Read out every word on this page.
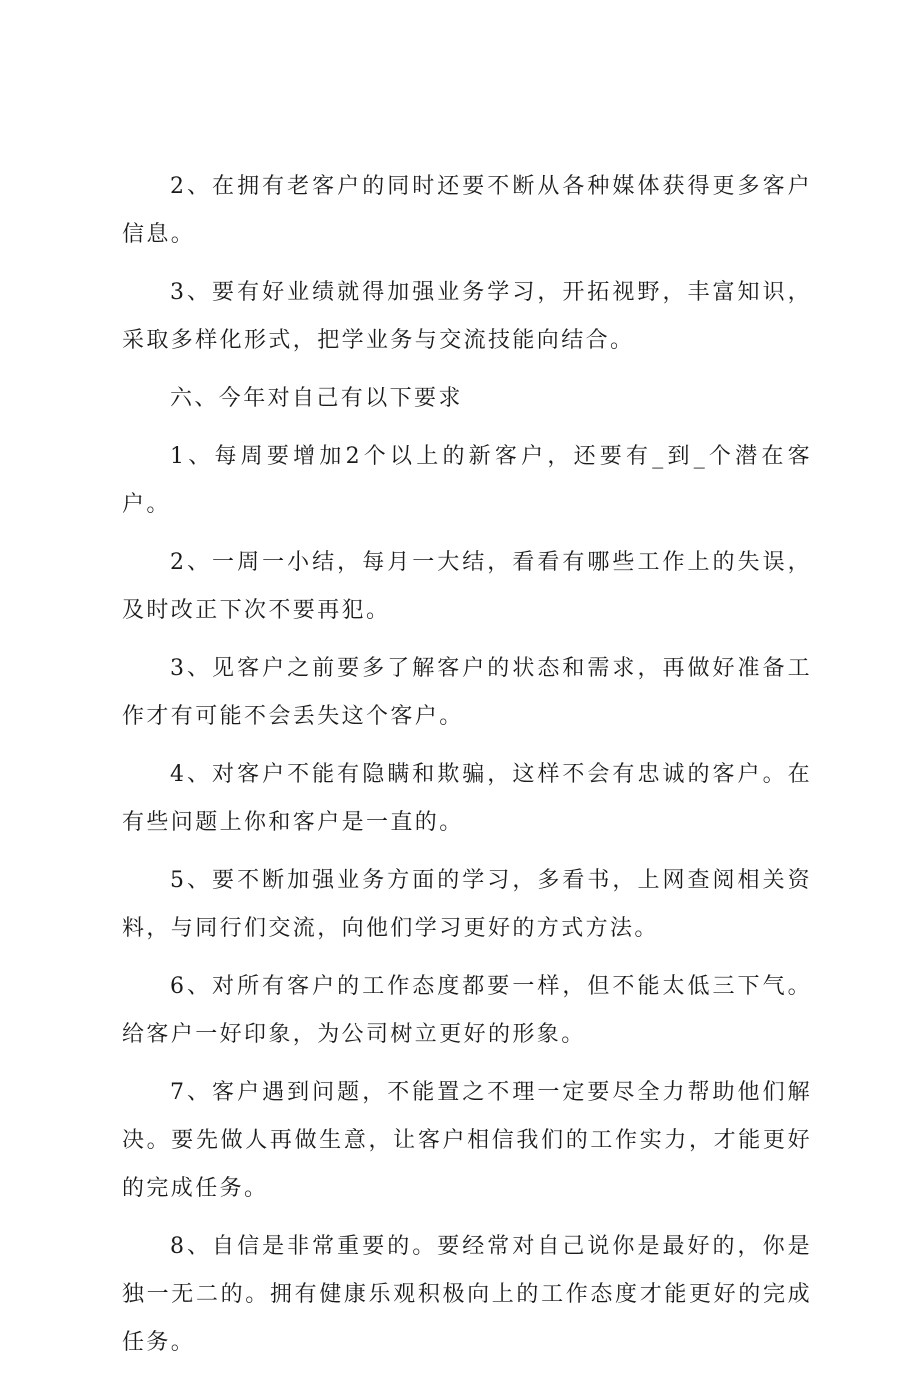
2、在拥有老客户的同时还要不断从各种媒体获得更多客户信息。

3、要有好业绩就得加强业务学习，开拓视野，丰富知识，采取多样化形式，把学业务与交流技能向结合。

六、今年对自己有以下要求

1、每周要增加2个以上的新客户，还要有_到_个潜在客户。

2、一周一小结，每月一大结，看看有哪些工作上的失误，及时改正下次不要再犯。

3、见客户之前要多了解客户的状态和需求，再做好准备工作才有可能不会丢失这个客户。

4、对客户不能有隐瞒和欺骗，这样不会有忠诚的客户。在有些问题上你和客户是一直的。

5、要不断加强业务方面的学习，多看书，上网查阅相关资料，与同行们交流，向他们学习更好的方式方法。

6、对所有客户的工作态度都要一样，但不能太低三下气。给客户一好印象，为公司树立更好的形象。

7、客户遇到问题，不能置之不理一定要尽全力帮助他们解决。要先做人再做生意，让客户相信我们的工作实力，才能更好的完成任务。

8、自信是非常重要的。要经常对自己说你是最好的，你是独一无二的。拥有健康乐观积极向上的工作态度才能更好的完成任务。
